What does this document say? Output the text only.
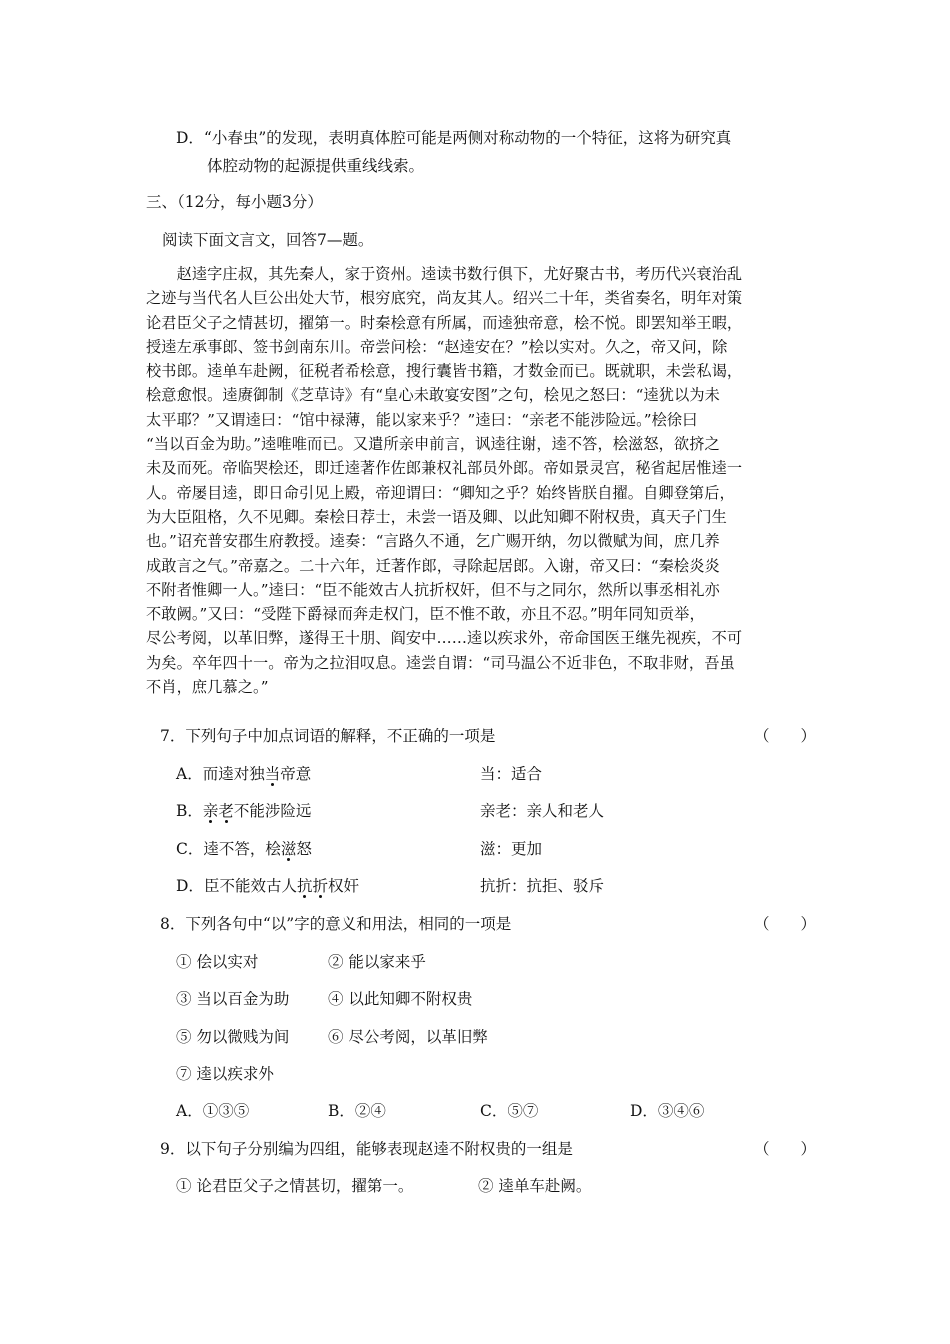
D．“小春虫”的发现，表明真体腔可能是两侧对称动物的一个特征，这将为研究真
体腔动物的起源提供重线线索。
三、（12分，每小题3分）
阅读下面文言文，回答7—题。
　　赵逵字庄叔，其先秦人，家于资州。逵读书数行俱下，尤好聚古书，考历代兴衰治乱
之迹与当代名人巨公出处大节，根穷底究，尚友其人。绍兴二十年，类省奏名，明年对策
论君臣父子之情甚切，擢第一。时秦桧意有所属，而逵独帝意，桧不悦。即罢知举王暇，
授逵左承事郎、签书剑南东川。帝尝问桧：“赵逵安在？”桧以实对。久之，帝又问，除
校书郎。逵单车赴阙，征税者希桧意，搜行囊皆书籍，才数金而已。既就职，未尝私谒，
桧意愈恨。逵赓御制《芝草诗》有“皇心未敢宴安图”之句，桧见之怒曰：“逵犹以为未
太平耶？”又谓逵曰：“馆中禄薄，能以家来乎？”逵曰：“亲老不能涉险远。”桧徐曰
“当以百金为助。”逵唯唯而已。又遣所亲申前言，讽逵往谢，逵不答，桧滋怒，欲挤之
未及而死。帝临哭桧还，即迁逵著作佐郎兼权礼部员外郎。帝如景灵宫，秘省起居惟逵一
人。帝屡目逵，即日命引见上殿，帝迎谓曰：“卿知之乎？始终皆朕自擢。自卿登第后，
为大臣阻格，久不见卿。秦桧日荐士，未尝一语及卿、以此知卿不附权贵，真天子门生
也。”诏充普安郡生府教授。逵奏：“言路久不通，乞广赐开纳，勿以微赋为间，庶几养
成敢言之气。”帝嘉之。二十六年，迁著作郎，寻除起居郎。入谢，帝又曰：“秦桧炎炎
不附者惟卿一人。”逵曰：“臣不能效古人抗折权奸，但不与之同尔，然所以事丞相礼亦
不敢阙。”又曰：“受陛下爵禄而奔走权门，臣不惟不敢，亦且不忍。”明年同知贡举，
尽公考阅，以革旧弊，遂得王十朋、阎安中……逵以疾求外，帝命国医王继先视疾，不可
为矣。卒年四十一。帝为之拉泪叹息。逵尝自谓：“司马温公不近非色，不取非财，吾虽
不肖，庶几慕之。”
7．下列句子中加点词语的解释，不正确的一项是	（　　）
A．而逵对独当帝意	当：适合
B．亲老不能涉险远	亲老：亲人和老人
C．逵不答，桧滋怒	滋：更加
D．臣不能效古人抗折权奸	抗折：抗拒、驳斥
8．下列各句中“以”字的意义和用法，相同的一项是	（　　）
① 侩以实对	② 能以家来乎
③ 当以百金为助 ④ 以此知卿不附权贵
⑤ 勿以微贱为间 ⑥ 尽公考阅，以革旧弊
⑦ 逵以疾求外
A．①③⑤	B．②④	C．⑤⑦	D．③④⑥
9．以下句子分别编为四组，能够表现赵逵不附权贵的一组是	（　　）
① 论君臣父子之情甚切，擢第一。	② 逵单车赴阙。
